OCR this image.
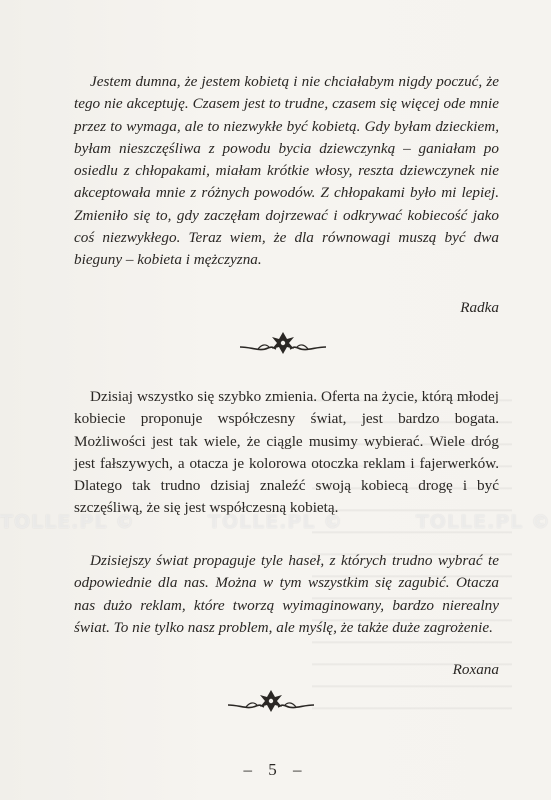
Jestem dumna, że jestem kobietą i nie chciałabym nigdy poczuć, że tego nie akceptuję. Czasem jest to trudne, czasem się więcej ode mnie przez to wymaga, ale to niezwykłe być kobietą. Gdy byłam dzieckiem, byłam nieszczęśliwa z powodu bycia dziewczynką – ganiałam po osiedlu z chłopakami, miałam krótkie włosy, reszta dziewczynek nie akceptowała mnie z różnych powodów. Z chłopakami było mi lepiej. Zmieniło się to, gdy zaczęłam dojrzewać i odkrywać kobiecość jako coś niezwykłego. Teraz wiem, że dla równowagi muszą być dwa bieguny – kobieta i mężczyzna.

Radka

Dzisiaj wszystko się szybko zmienia. Oferta na życie, którą młodej kobiecie proponuje współczesny świat, jest bardzo bogata. Możliwości jest tak wiele, że ciągle musimy wybierać. Wiele dróg jest fałszywych, a otacza je kolorowa otoczka reklam i fajerwerków. Dlatego tak trudno dzisiaj znaleźć swoją kobiecą drogę i być szczęśliwą, że się jest współczesną kobietą.

TOLLE.PL ©	TOLLE.PL ©	TOLLE.PL ©

Dzisiejszy świat propaguje tyle haseł, z których trudno wybrać te odpowiednie dla nas. Można w tym wszystkim się zagubić. Otacza nas dużo reklam, które tworzą wyimaginowany, bardzo nierealny świat. To nie tylko nasz problem, ale myślę, że także duże zagrożenie.

Roxana
– 5 –
